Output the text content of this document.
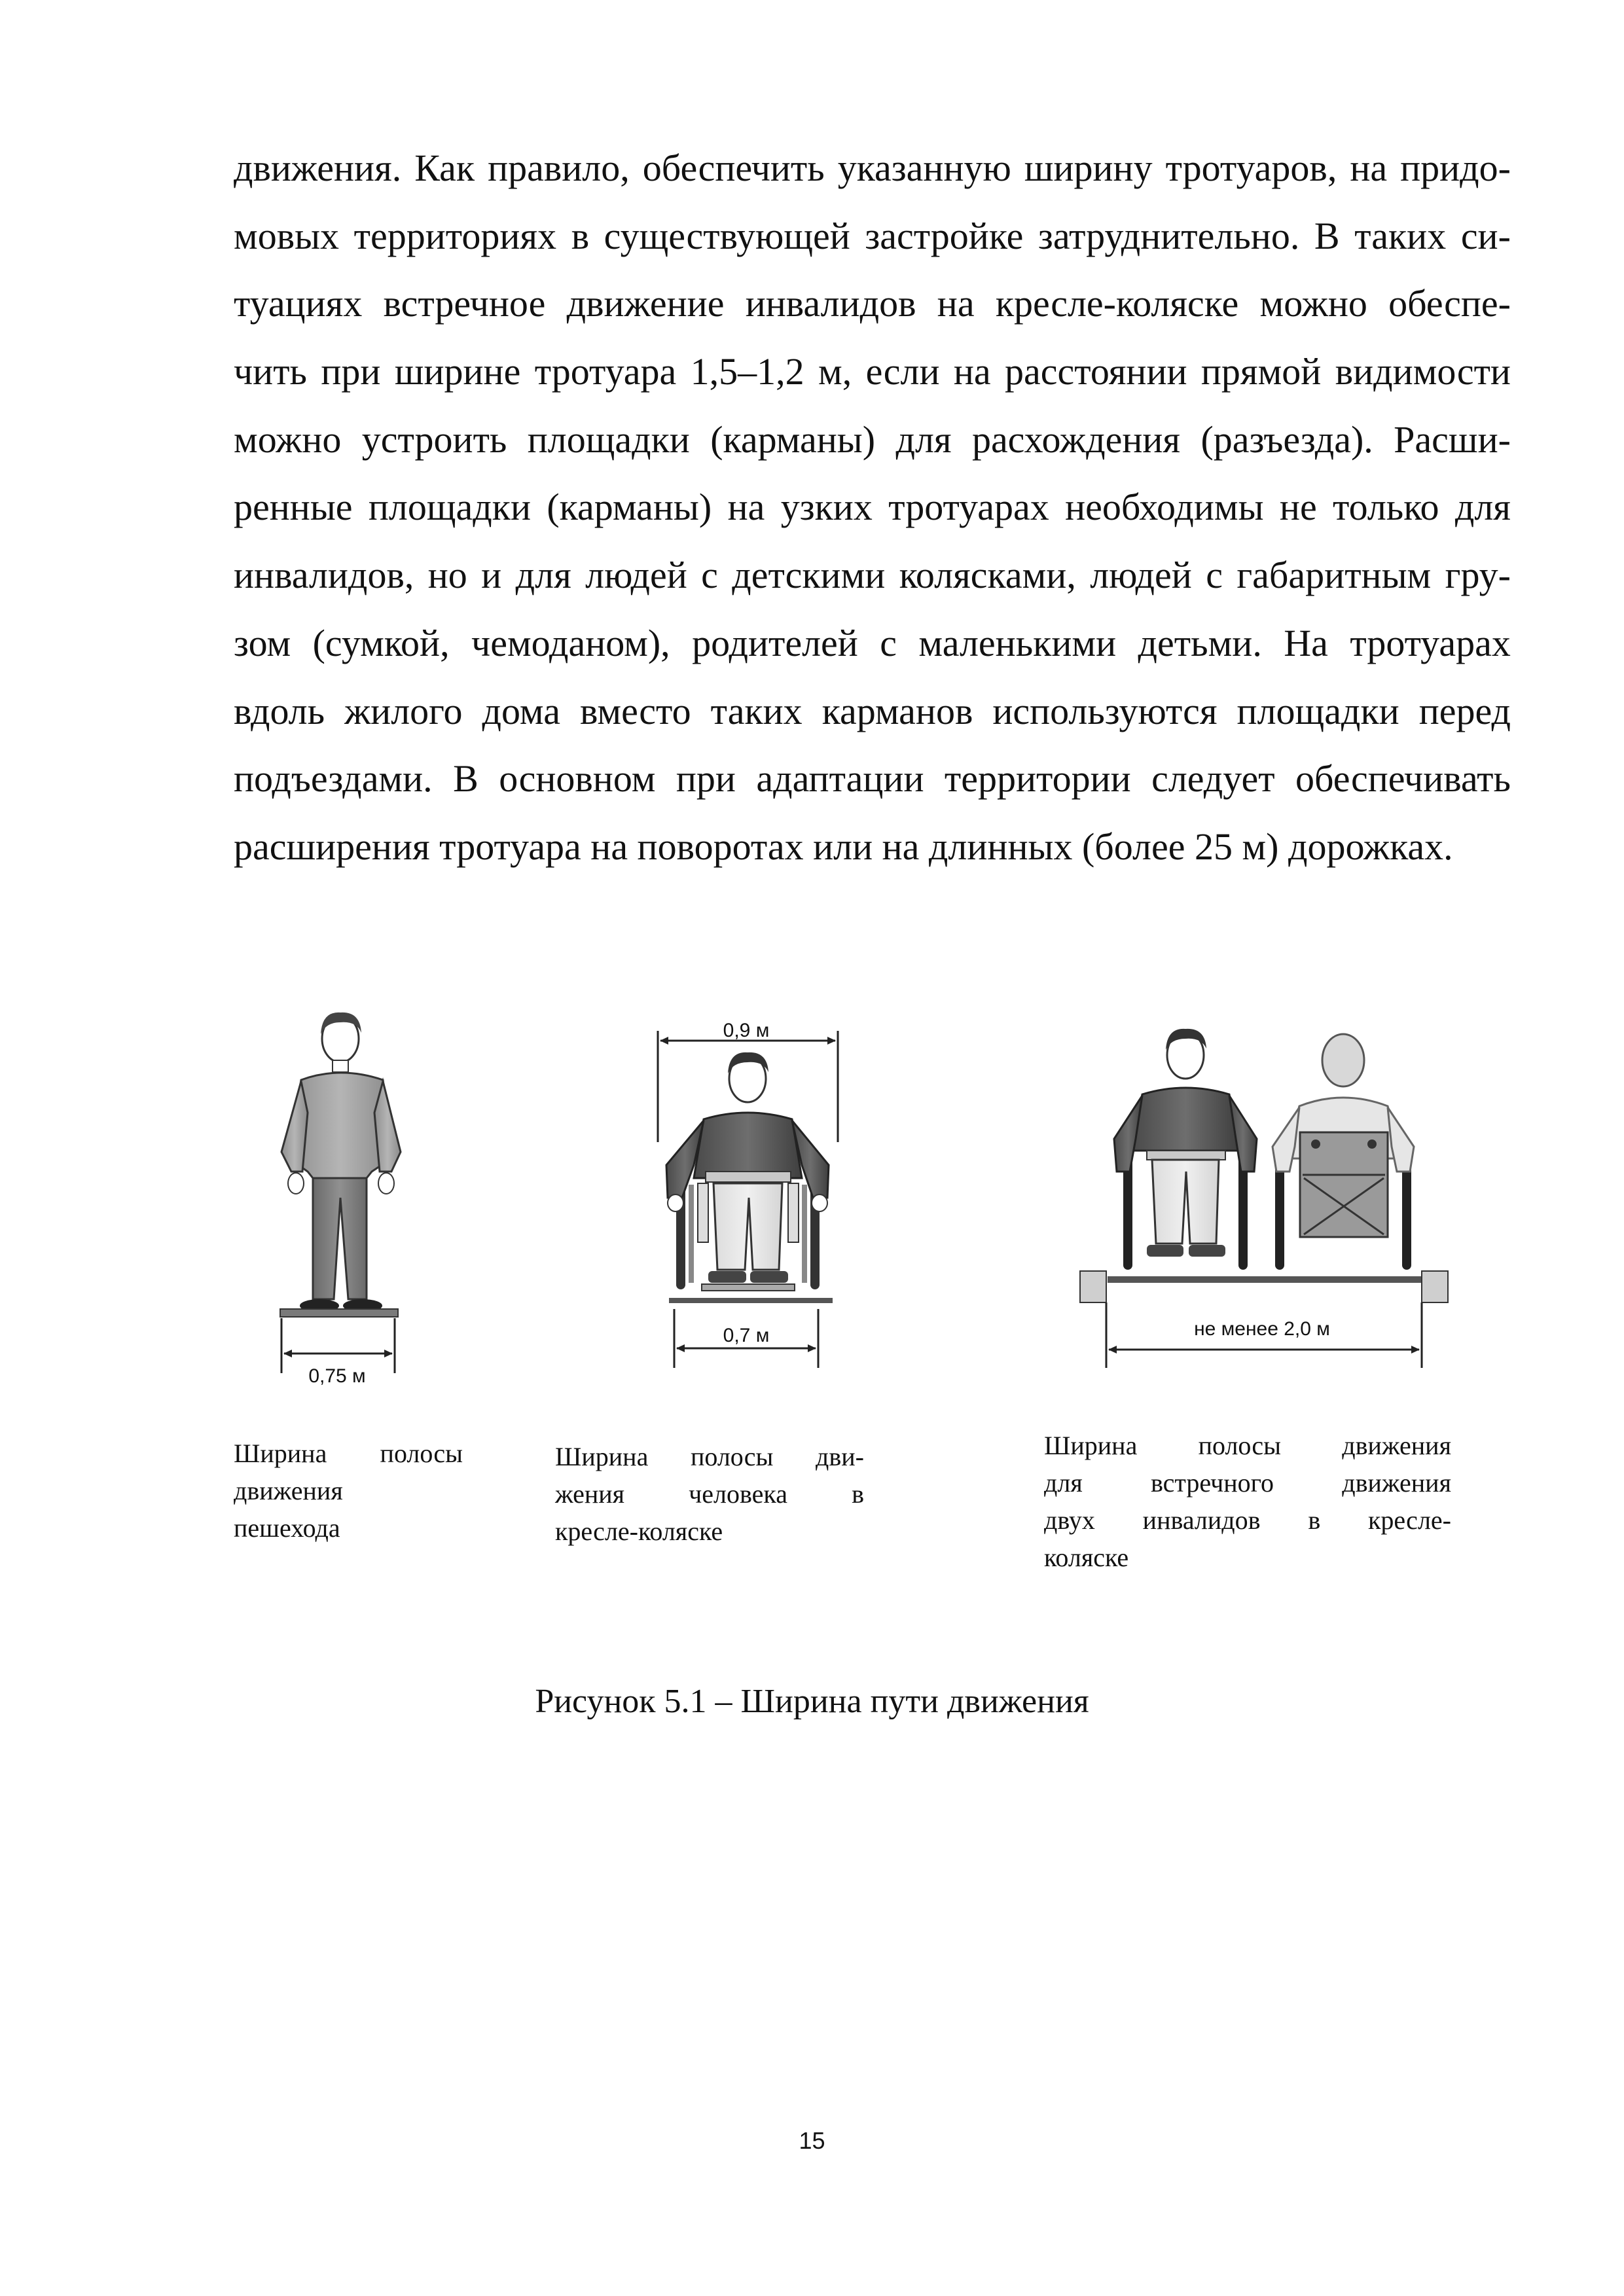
движения. Как правило, обеспечить указанную ширину тротуаров, на придо-
мовых территориях в существующей застройке затруднительно. В таких си-
туациях встречное движение инвалидов на кресле-коляске можно обеспе-
чить при ширине тротуара 1,5–1,2 м, если на расстоянии прямой видимости
можно устроить площадки (карманы) для расхождения (разъезда). Расши-
ренные площадки (карманы) на узких тротуарах необходимы не только для
инвалидов, но и для людей с детскими колясками, людей с габаритным гру-
зом (сумкой, чемоданом), родителей с маленькими детьми. На тротуарах
вдоль жилого дома вместо таких карманов используются площадки перед
подъездами. В основном при адаптации территории следует обеспечивать
расширения тротуара на поворотах или на длинных (более 25 м) дорожках.
0,75 м
0,9 м
0,7 м	не менее 2,0 м
Ширина полосы
движения
пешехода
Ширина полосы дви-
жения человека в
кресле-коляске
Ширина полосы движения
для	встречного	движения
двух инвалидов в кресле-
коляске
Рисунок 5.1 – Ширина пути движения
15
